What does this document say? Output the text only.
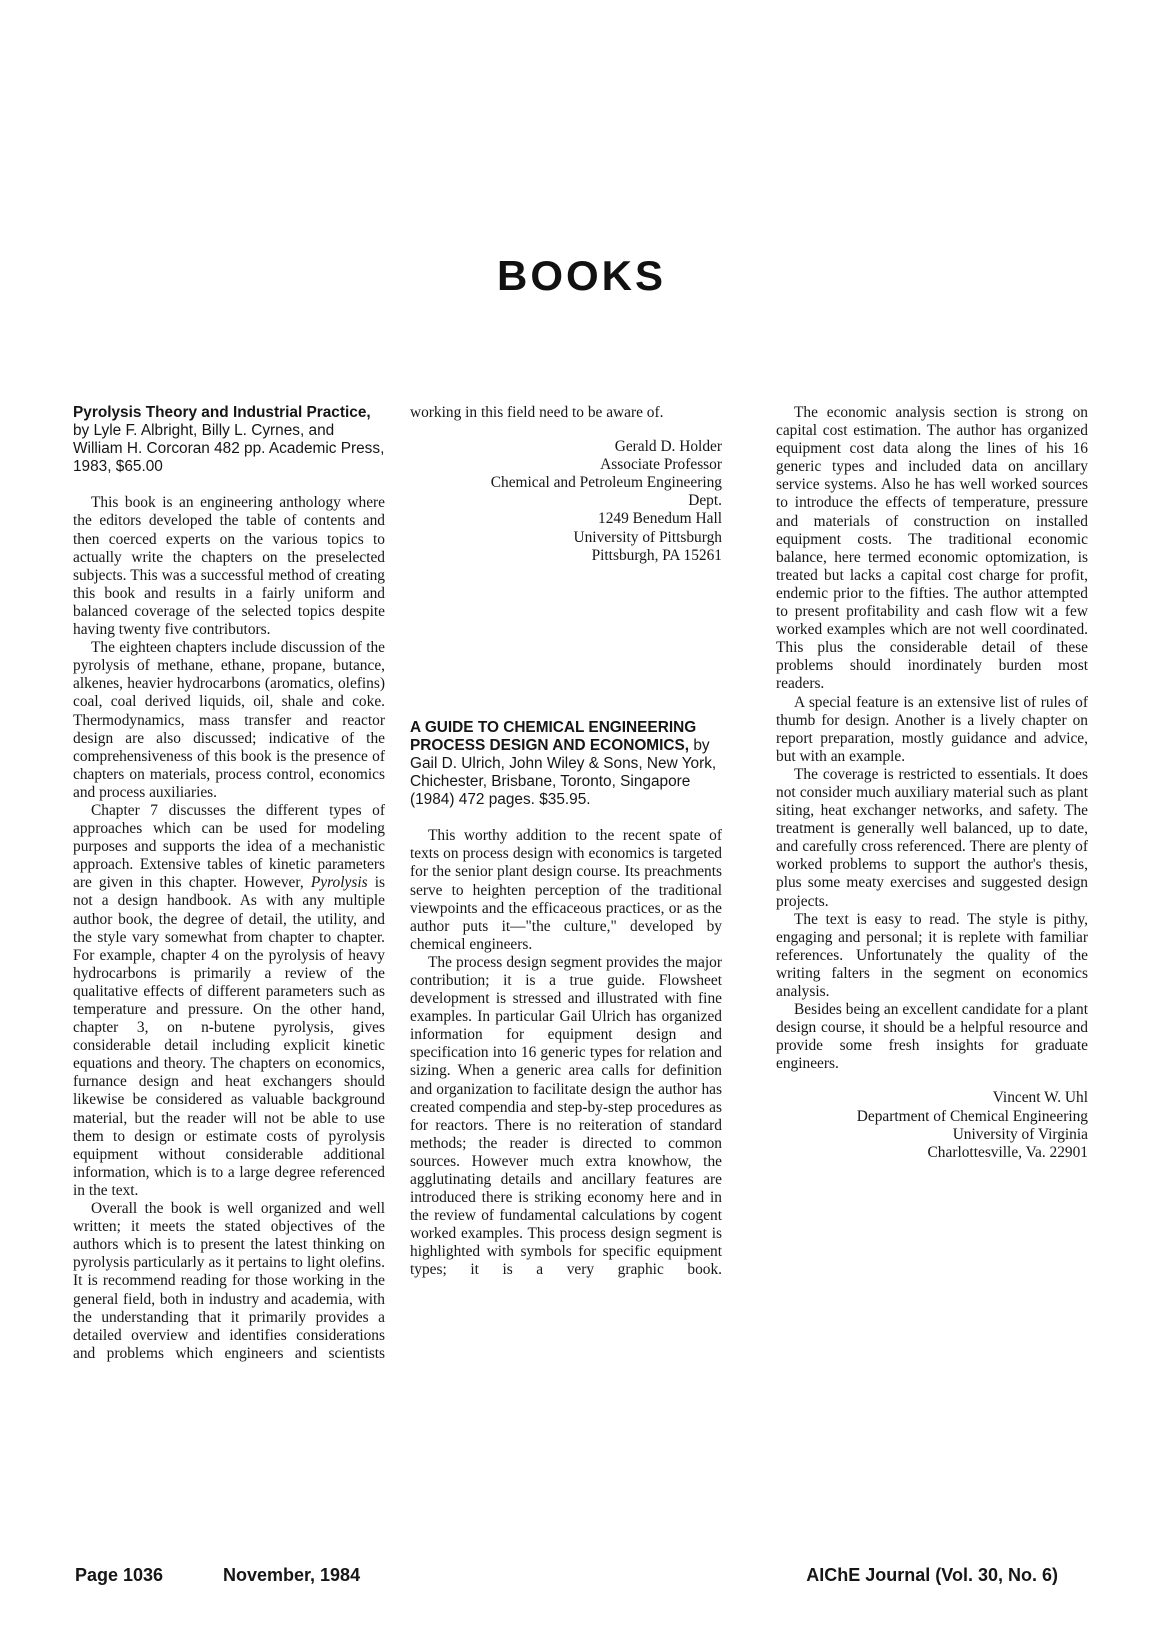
BOOKS

Pyrolysis Theory and Industrial Practice, by Lyle F. Albright, Billy L. Cyrnes, and William H. Corcoran 482 pp. Academic Press, 1983, $65.00

This book is an engineering anthology where the editors developed the table of contents and then coerced experts on the various topics to actually write the chapters on the preselected subjects. This was a successful method of creating this book and results in a fairly uniform and balanced coverage of the selected topics despite having twenty five contributors.

The eighteen chapters include discussion of the pyrolysis of methane, ethane, propane, butance, alkenes, heavier hydrocarbons (aromatics, olefins) coal, coal derived liquids, oil, shale and coke. Thermodynamics, mass transfer and reactor design are also discussed; indicative of the comprehensiveness of this book is the presence of chapters on materials, process control, economics and process auxiliaries.

Chapter 7 discusses the different types of approaches which can be used for modeling purposes and supports the idea of a mechanistic approach. Extensive tables of kinetic parameters are given in this chapter. However, Pyrolysis is not a design handbook. As with any multiple author book, the degree of detail, the utility, and the style vary somewhat from chapter to chapter. For example, chapter 4 on the pyrolysis of heavy hydrocarbons is primarily a review of the qualitative effects of different parameters such as temperature and pressure. On the other hand, chapter 3, on n-butene pyrolysis, gives considerable detail including explicit kinetic equations and theory. The chapters on economics, furnance design and heat exchangers should likewise be considered as valuable background material, but the reader will not be able to use them to design or estimate costs of pyrolysis equipment without considerable additional information, which is to a large degree referenced in the text.

Overall the book is well organized and well written; it meets the stated objectives of the authors which is to present the latest thinking on pyrolysis particularly as it pertains to light olefins. It is recommend reading for those working in the general field, both in industry and academia, with the understanding that it primarily provides a detailed overview and identifies considerations and problems which engineers and scientists

working in this field need to be aware of.

Gerald D. Holder
Associate Professor
Chemical and Petroleum Engineering
Dept.
1249 Benedum Hall
University of Pittsburgh
Pittsburgh, PA 15261

A GUIDE TO CHEMICAL ENGINEERING PROCESS DESIGN AND ECONOMICS, by Gail D. Ulrich, John Wiley & Sons, New York, Chichester, Brisbane, Toronto, Singapore (1984) 472 pages. $35.95.

This worthy addition to the recent spate of texts on process design with economics is targeted for the senior plant design course. Its preachments serve to heighten perception of the traditional viewpoints and the efficaceous practices, or as the author puts it—"the culture," developed by chemical engineers.

The process design segment provides the major contribution; it is a true guide. Flowsheet development is stressed and illustrated with fine examples. In particular Gail Ulrich has organized information for equipment design and specification into 16 generic types for relation and sizing. When a generic area calls for definition and organization to facilitate design the author has created compendia and step-by-step procedures as for reactors. There is no reiteration of standard methods; the reader is directed to common sources. However much extra knowhow, the agglutinating details and ancillary features are introduced there is striking economy here and in the review of fundamental calculations by cogent worked examples. This process design segment is highlighted with symbols for specific equipment types; it is a very graphic book.

The economic analysis section is strong on capital cost estimation. The author has organized equipment cost data along the lines of his 16 generic types and included data on ancillary service systems. Also he has well worked sources to introduce the effects of temperature, pressure and materials of construction on installed equipment costs. The traditional economic balance, here termed economic optomization, is treated but lacks a capital cost charge for profit, endemic prior to the fifties. The author attempted to present profitability and cash flow wit a few worked examples which are not well coordinated. This plus the considerable detail of these problems should inordinately burden most readers.

A special feature is an extensive list of rules of thumb for design. Another is a lively chapter on report preparation, mostly guidance and advice, but with an example.

The coverage is restricted to essentials. It does not consider much auxiliary material such as plant siting, heat exchanger networks, and safety. The treatment is generally well balanced, up to date, and carefully cross referenced. There are plenty of worked problems to support the author's thesis, plus some meaty exercises and suggested design projects.

The text is easy to read. The style is pithy, engaging and personal; it is replete with familiar references. Unfortunately the quality of the writing falters in the segment on economics analysis.

Besides being an excellent candidate for a plant design course, it should be a helpful resource and provide some fresh insights for graduate engineers.

Vincent W. Uhl
Department of Chemical Engineering
University of Virginia
Charlottesville, Va. 22901

Page 1036	November, 1984	AIChE Journal (Vol. 30, No. 6)
